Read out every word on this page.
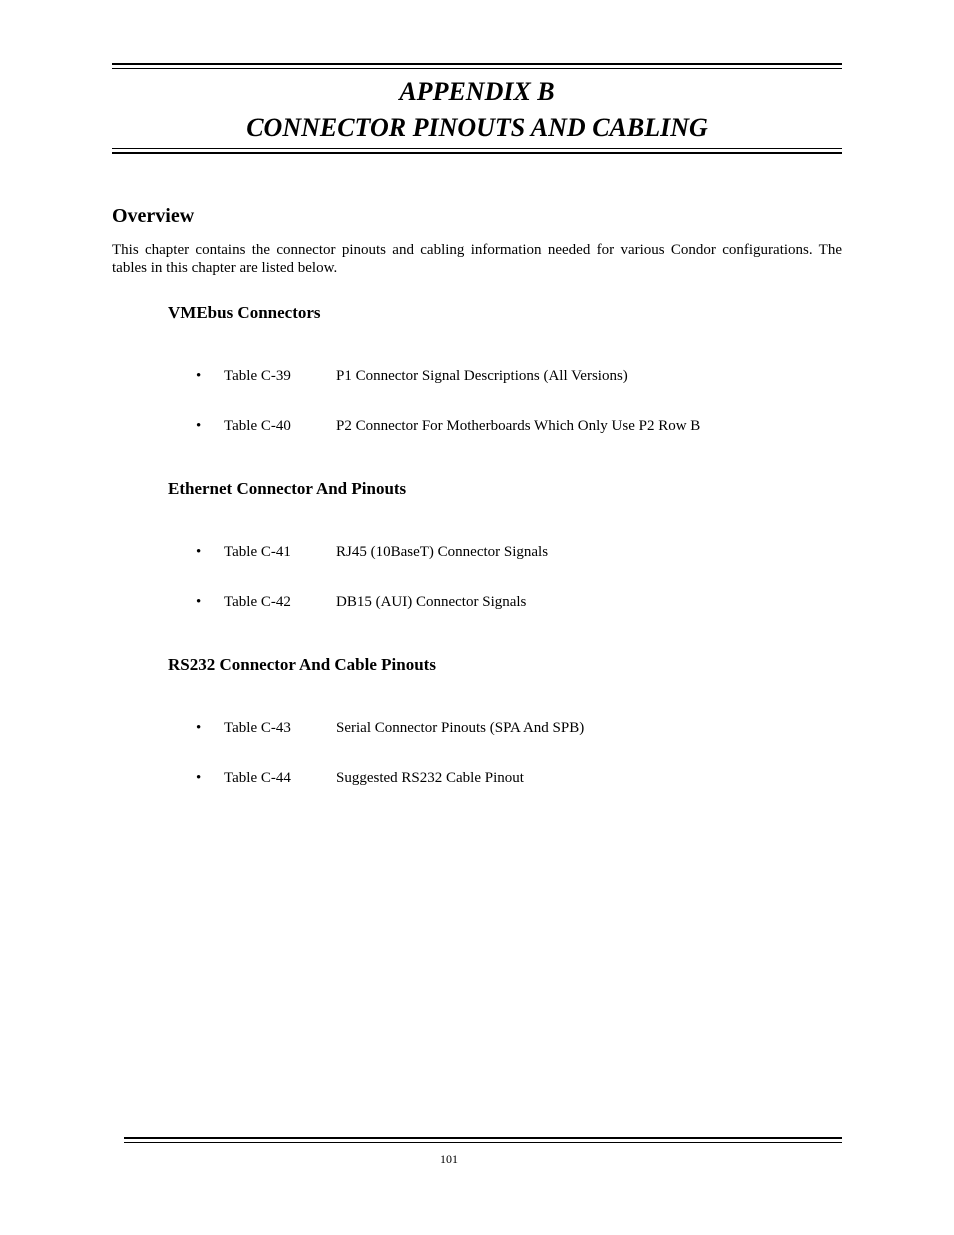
APPENDIX B
CONNECTOR PINOUTS AND CABLING
Overview

This chapter contains the connector pinouts and cabling information needed for various Condor configurations. The tables in this chapter are listed below.

VMEbus Connectors
• Table C-39	P1 Connector Signal Descriptions (All Versions)
• Table C-40	P2 Connector For Motherboards Which Only Use P2 Row B
Ethernet Connector And Pinouts
• Table C-41	RJ45 (10BaseT) Connector Signals
• Table C-42	DB15 (AUI) Connector Signals
RS232 Connector And Cable Pinouts
• Table C-43	Serial Connector Pinouts (SPA And SPB)
• Table C-44	Suggested RS232 Cable Pinout
101
